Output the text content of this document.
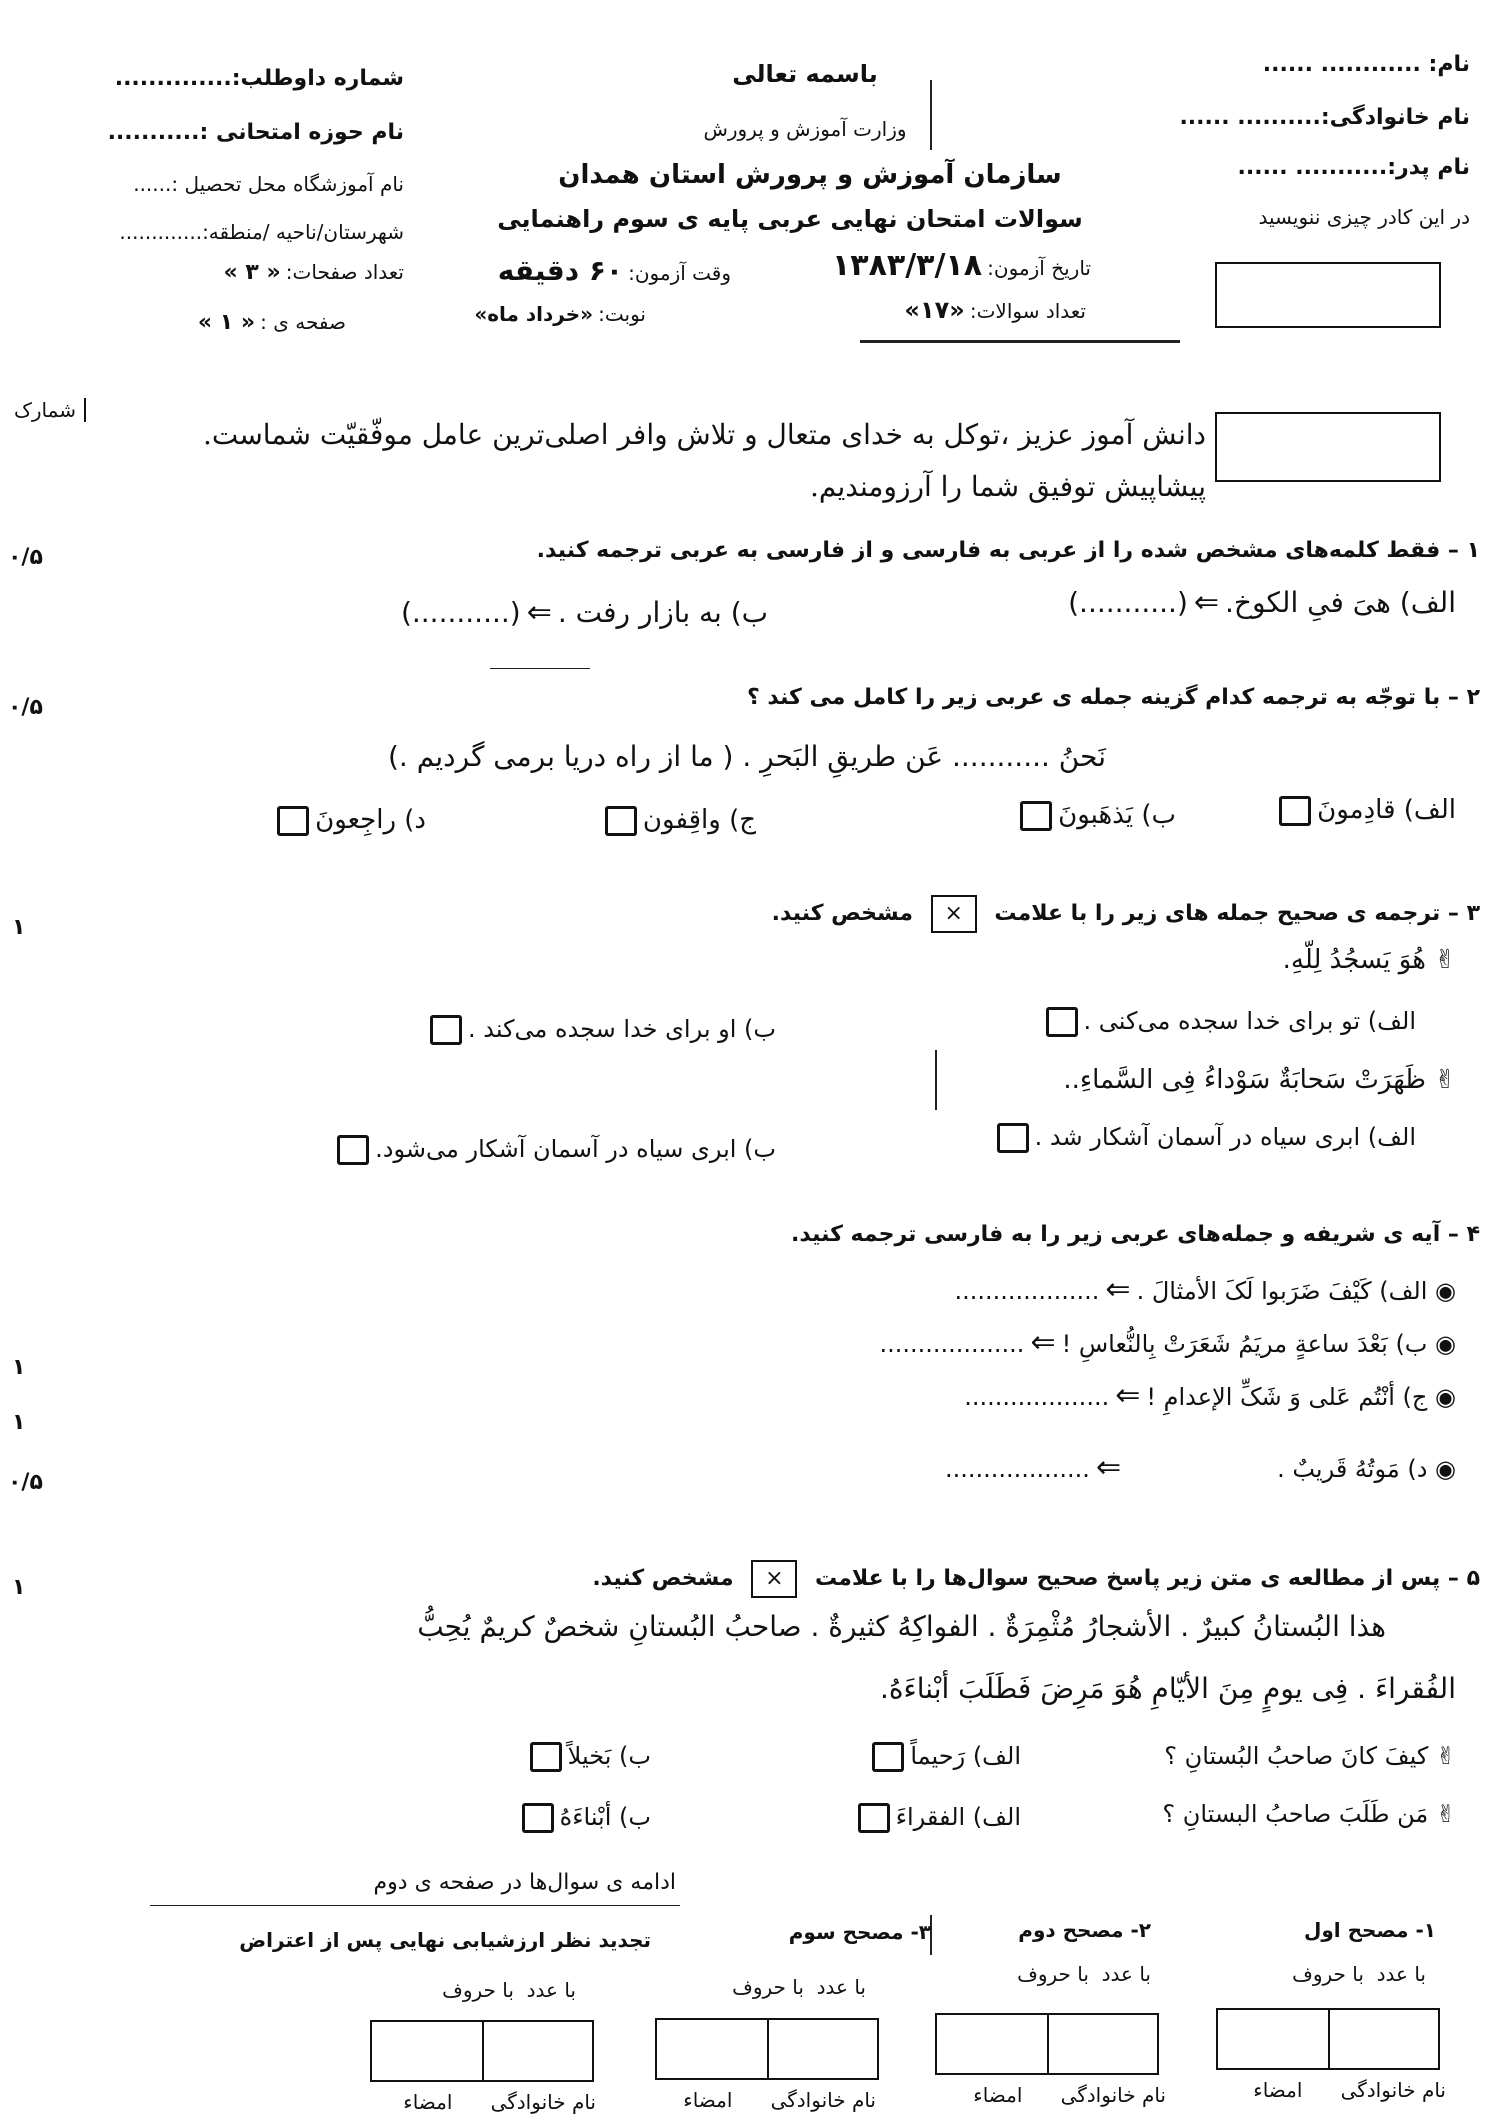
نام: ............ ......
نام خانوادگی:.......... ......
نام پدر:........... ......
در این کادر چیزی ننویسید
باسمه تعالی
وزارت آموزش و پرورش
سازمان آموزش و پرورش استان همدان
سوالات امتحان نهایی عربی پایه ی سوم راهنمایی
تاریخ آزمون: ۱۳۸۳/۳/۱۸
وقت آزمون: ۶۰ دقیقه
تعداد سوالات: «۱۷»
نوبت: «خرداد ماه»
شماره داوطلب:..............
نام حوزه امتحانی :...........
نام آموزشگاه محل تحصیل :......
شهرستان/ناحیه /منطقه:.............
تعداد صفحات: « ۳ »
صفحه ی : « ۱ »
شمارک
۰/۵
۰/۵
۱
۱
۱
۰/۵
۱
دانش آموز عزیز ،توکل به خدای متعال و تلاش وافر اصلی‌ترین عامل موفّقیّت شماست.
پیشاپیش توفیق شما را آرزومندیم.
۱ – فقط کلمه‌های مشخص شده را از عربی به فارسی و از فارسی به عربی ترجمه کنید.
الف) هیَ فیِ الکوخ.⇐(...........)
ب) به بازار رفت .⇐(...........)
۲ – با توجّه به ترجمه کدام گزینه جمله ی عربی زیر را کامل می کند ؟
نَحنُ ........... عَن طریقِ البَحرِ . ( ما از راه دریا برمی گردیم .)
الف) قادِمونَ
ب) یَذهَبونَ
ج) واقِفون
د) راجِعونَ
۳ – ترجمه ی صحیح جمله های زیر را با علامت × مشخص کنید.
✌ هُوَ یَسجُدُ لِلّهِ.
الف) تو برای خدا سجده می‌کنی .
ب) او برای خدا سجده می‌کند .
✌ ظَهَرَتْ سَحابَةٌ سَوْداءُ فِی السَّماءِ..
الف) ابری سیاه در آسمان آشکار شد .
ب) ابری سیاه در آسمان آشکار می‌شود.
۴ – آیه ی شریفه و جمله‌های عربی زیر را به فارسی ترجمه کنید.
◉ الف) کَیْفَ ضَرَبوا لَکَ الأمثالَ .⇐...................
◉ ب) بَعْدَ ساعةٍ مریَمُ شَعَرَتْ بِالنُّعاسِ !⇐...................
◉ ج) أنْتُم عَلی وَ شَکِّ الإعدامِ !⇐...................
◉ د) مَوتُهُ قَریبٌ .⇐...................
۵ – پس از مطالعه ی متن زیر پاسخ صحیح سوال‌ها را با علامت × مشخص کنید.
هذا البُستانُ کبیرٌ . الأشجارُ مُثْمِرَةٌ . الفواکِهُ کثیرةٌ . صاحبُ البُستانِ شخصٌ کریمٌ یُحِبُّ
الفُقراءَ . فِی یومٍ مِنَ الأیّامِ هُوَ مَرِضَ فَطَلَبَ أبْناءَهُ.
✌ کیفَ کانَ صاحبُ البُستانِ ؟
الف) رَحیماً
ب) بَخیلاً
✌ مَن طَلَبَ صاحبُ البستانِ ؟
الف) الفقراءَ
ب) أبْناءَهُ
ادامه ی سوال‌ها در صفحه ی دوم
۱- مصحح اول
با عدد  با حروف
نام خانوادگی      امضاء
۲- مصحح دوم
با عدد  با حروف
نام خانوادگی      امضاء
۳- مصحح سوم
با عدد  با حروف
نام خانوادگی      امضاء
تجدید نظر ارزشیابی نهایی پس از اعتراض
با عدد  با حروف
نام خانوادگی      امضاء
